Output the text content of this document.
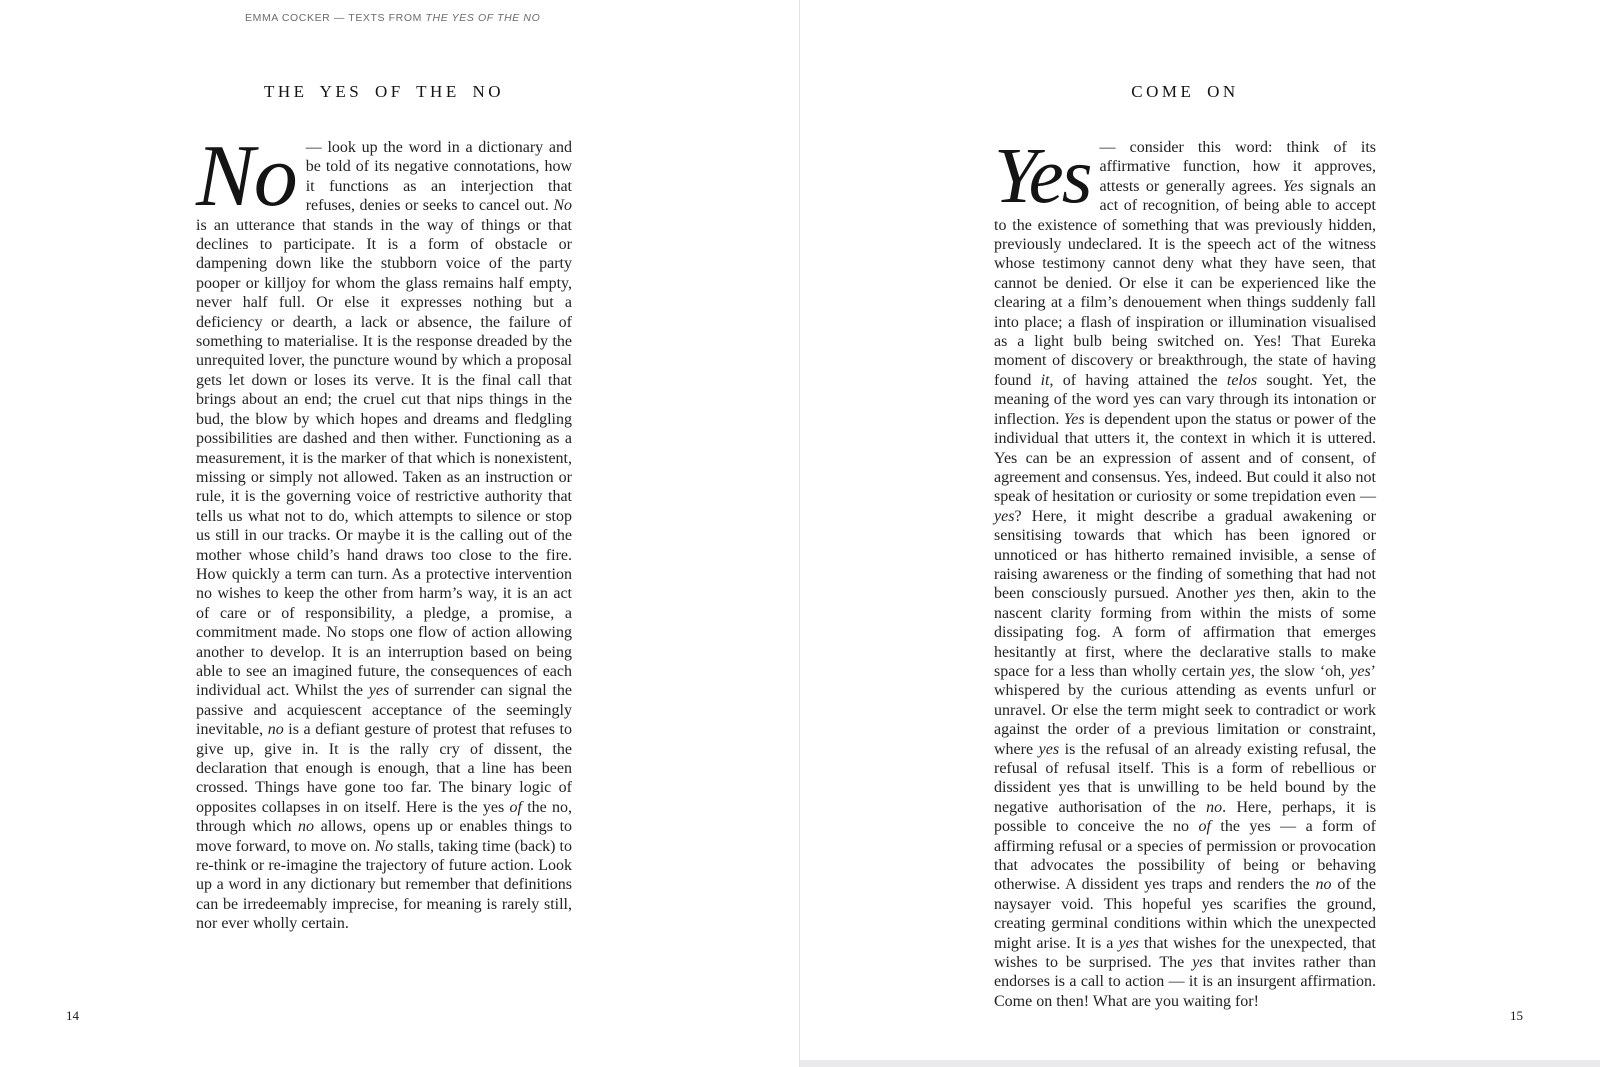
EMMA COCKER — TEXTS FROM THE YES OF THE NO
THE YES OF THE NO

No — look up the word in a dictionary and be told of its negative connotations, how it functions as an interjection that refuses, denies or seeks to cancel out. No is an utterance that stands in the way of things or that declines to participate. It is a form of obstacle or dampening down like the stubborn voice of the party pooper or killjoy for whom the glass remains half empty, never half full. Or else it expresses nothing but a deficiency or dearth, a lack or absence, the failure of something to materialise. It is the response dreaded by the unrequited lover, the puncture wound by which a proposal gets let down or loses its verve. It is the final call that brings about an end; the cruel cut that nips things in the bud, the blow by which hopes and dreams and fledgling possibilities are dashed and then wither. Functioning as a measurement, it is the marker of that which is nonexistent, missing or simply not allowed. Taken as an instruction or rule, it is the governing voice of restrictive authority that tells us what not to do, which attempts to silence or stop us still in our tracks. Or maybe it is the calling out of the mother whose child’s hand draws too close to the fire. How quickly a term can turn. As a protective intervention no wishes to keep the other from harm’s way, it is an act of care or of responsibility, a pledge, a promise, a commitment made. No stops one flow of action allowing another to develop. It is an interruption based on being able to see an imagined future, the consequences of each individual act. Whilst the yes of surrender can signal the passive and acquiescent acceptance of the seemingly inevitable, no is a defiant gesture of protest that refuses to give up, give in. It is the rally cry of dissent, the declaration that enough is enough, that a line has been crossed. Things have gone too far. The binary logic of opposites collapses in on itself. Here is the yes of the no, through which no allows, opens up or enables things to move forward, to move on. No stalls, taking time (back) to re-think or re-imagine the trajectory of future action. Look up a word in any dictionary but remember that definitions can be irredeemably imprecise, for meaning is rarely still, nor ever wholly certain.

COME ON

Yes — consider this word: think of its affirmative function, how it approves, attests or generally agrees. Yes signals an act of recognition, of being able to accept to the existence of something that was previously hidden, previously undeclared. It is the speech act of the witness whose testimony cannot deny what they have seen, that cannot be denied. Or else it can be experienced like the clearing at a film’s denouement when things suddenly fall into place; a flash of inspiration or illumination visualised as a light bulb being switched on. Yes! That Eureka moment of discovery or breakthrough, the state of having found it, of having attained the telos sought. Yet, the meaning of the word yes can vary through its intonation or inflection. Yes is dependent upon the status or power of the individual that utters it, the context in which it is uttered. Yes can be an expression of assent and of consent, of agreement and consensus. Yes, indeed. But could it also not speak of hesitation or curiosity or some trepidation even — yes? Here, it might describe a gradual awakening or sensitising towards that which has been ignored or unnoticed or has hitherto remained invisible, a sense of raising awareness or the finding of something that had not been consciously pursued. Another yes then, akin to the nascent clarity forming from within the mists of some dissipating fog. A form of affirmation that emerges hesitantly at first, where the declarative stalls to make space for a less than wholly certain yes, the slow ‘oh, yes’ whispered by the curious attending as events unfurl or unravel. Or else the term might seek to contradict or work against the order of a previous limitation or constraint, where yes is the refusal of an already existing refusal, the refusal of refusal itself. This is a form of rebellious or dissident yes that is unwilling to be held bound by the negative authorisation of the no. Here, perhaps, it is possible to conceive the no of the yes — a form of affirming refusal or a species of permission or provocation that advocates the possibility of being or behaving otherwise. A dissident yes traps and renders the no of the naysayer void. This hopeful yes scarifies the ground, creating germinal conditions within which the unexpected might arise. It is a yes that wishes for the unexpected, that wishes to be surprised. The yes that invites rather than endorses is a call to action — it is an insurgent affirmation. Come on then! What are you waiting for!

14	15
